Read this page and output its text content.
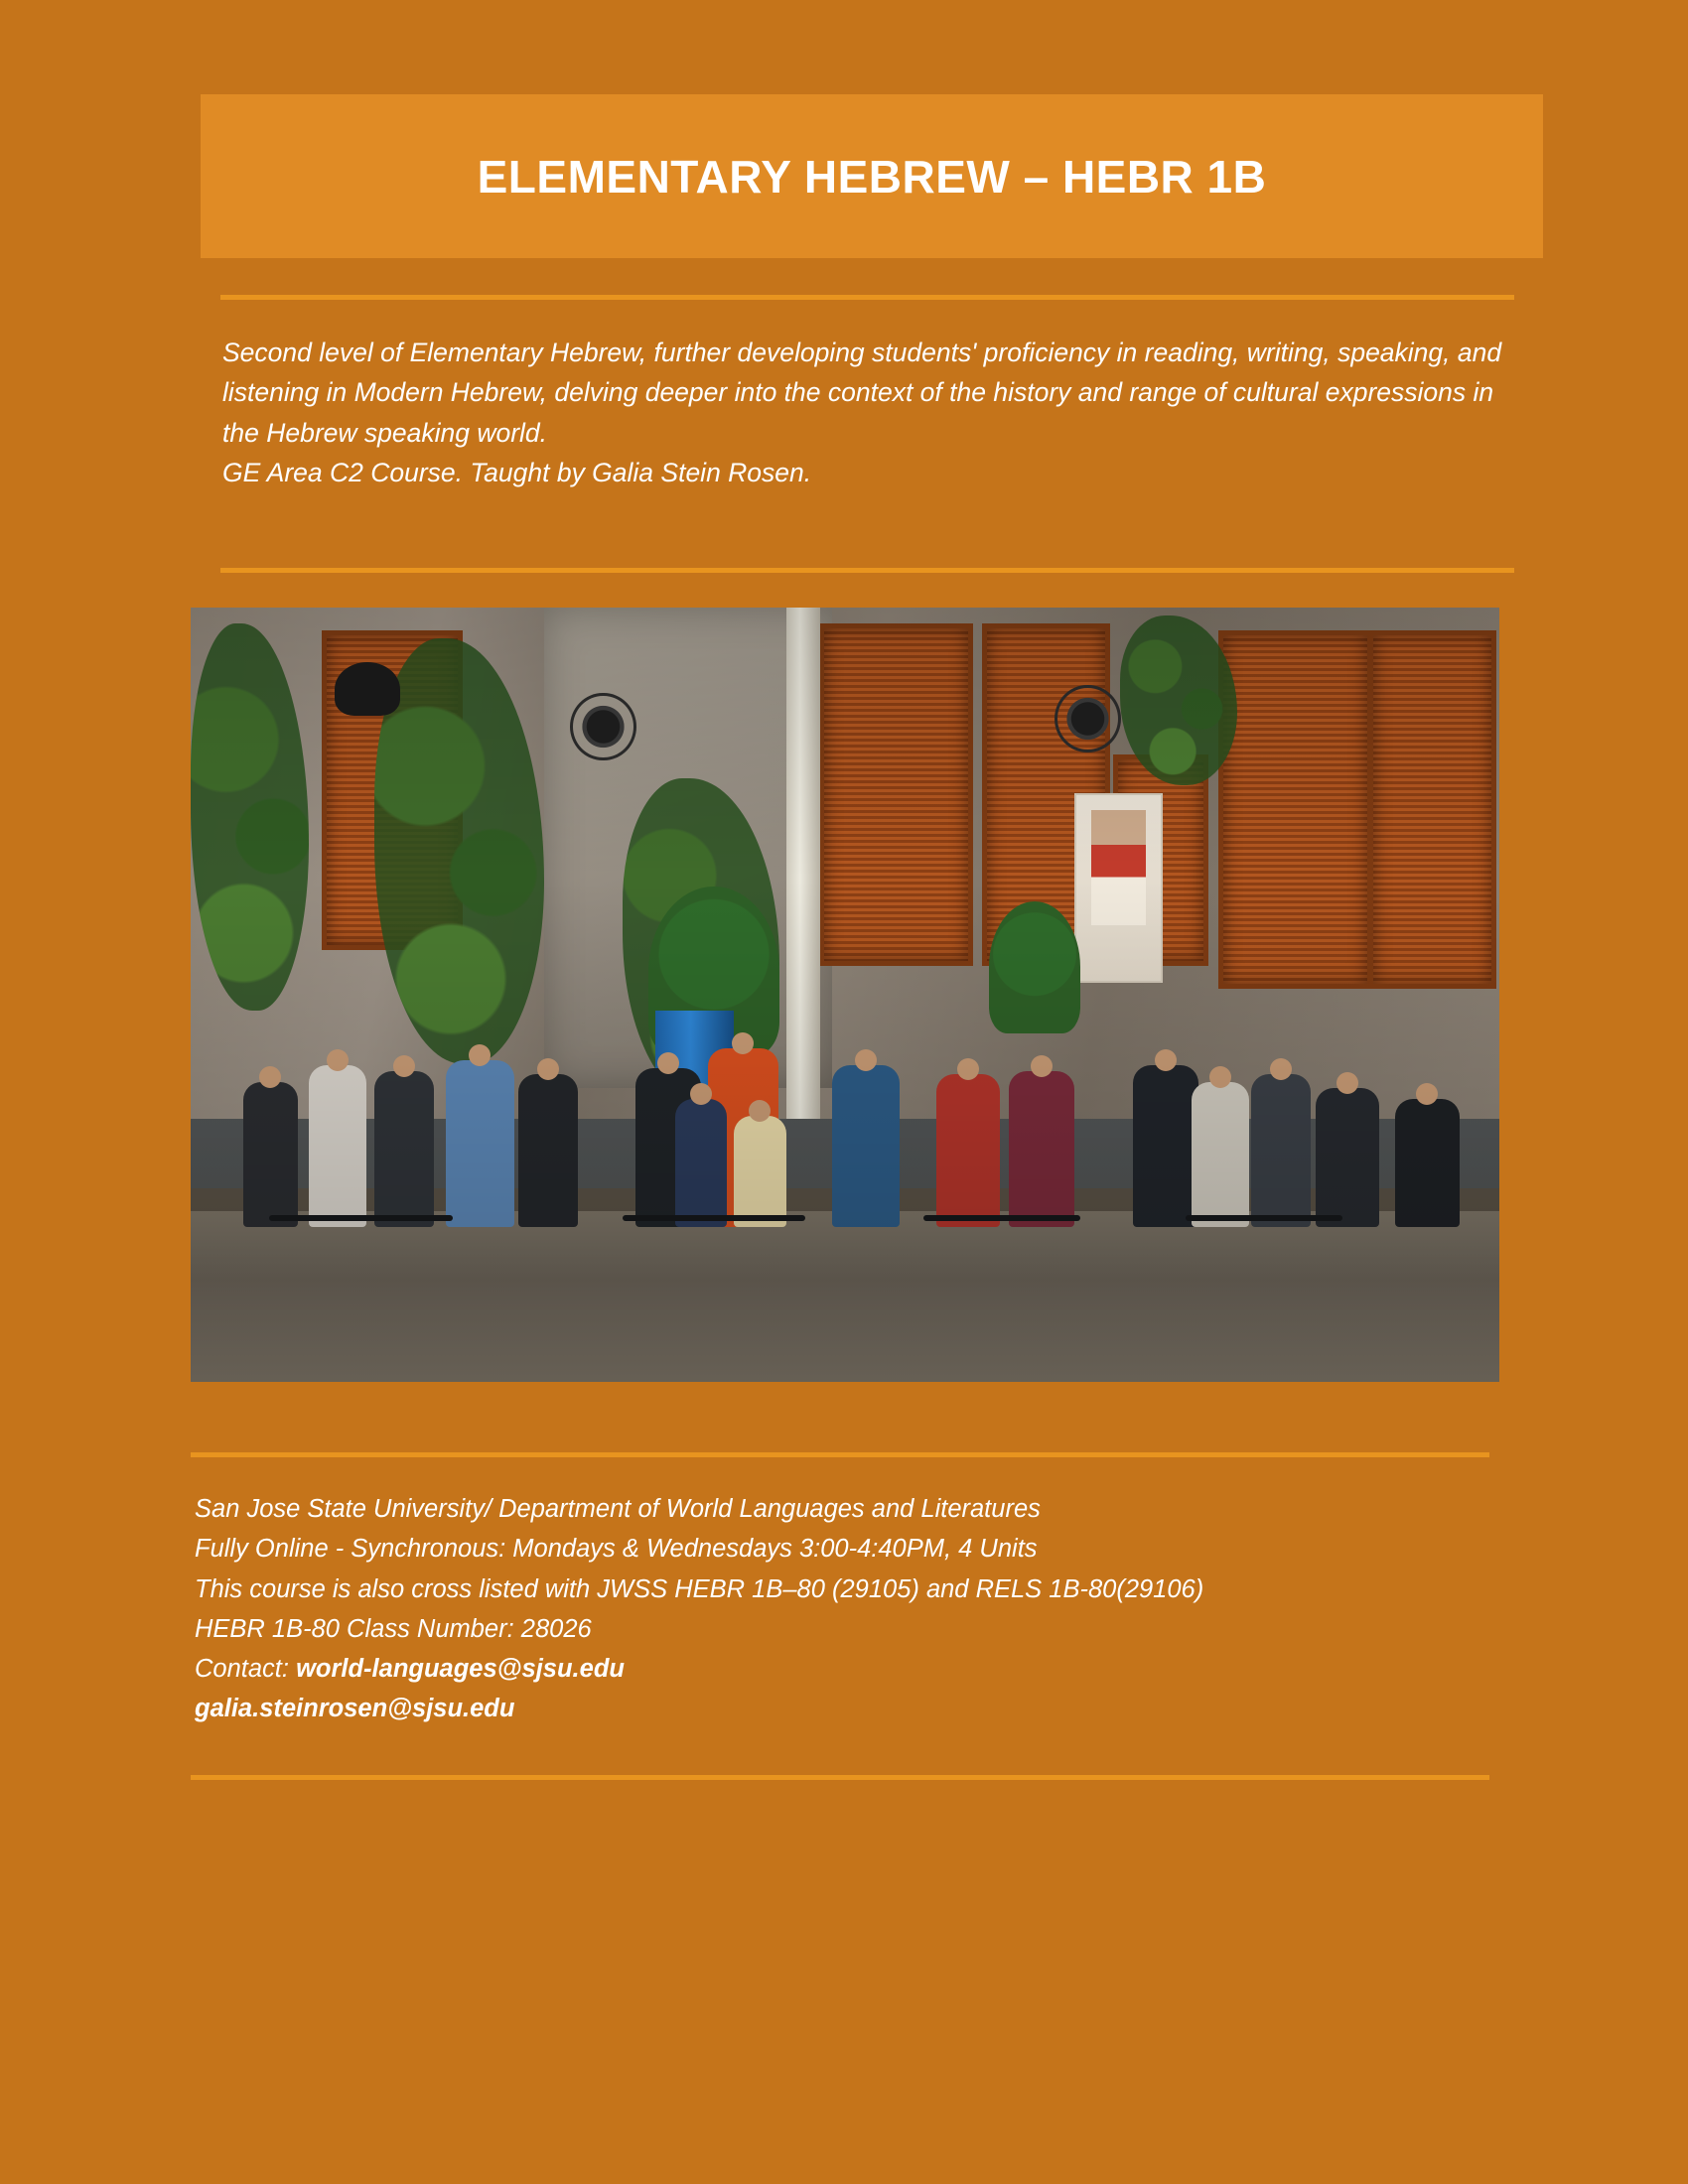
ELEMENTARY HEBREW – HEBR 1B

Second level of Elementary Hebrew, further developing students' proficiency in reading, writing, speaking, and listening in Modern Hebrew, delving deeper into the context of the history and range of cultural expressions in the Hebrew speaking world.

GE Area C2 Course. Taught by Galia Stein Rosen.

San Jose State University/ Department of World Languages and Literatures

Fully Online - Synchronous: Mondays & Wednesdays 3:00-4:40PM, 4 Units

This course is also cross listed with JWSS HEBR 1B–80 (29105) and RELS 1B-80(29106)

HEBR 1B-80 Class Number: 28026

Contact: world-languages@sjsu.edu

galia.steinrosen@sjsu.edu
